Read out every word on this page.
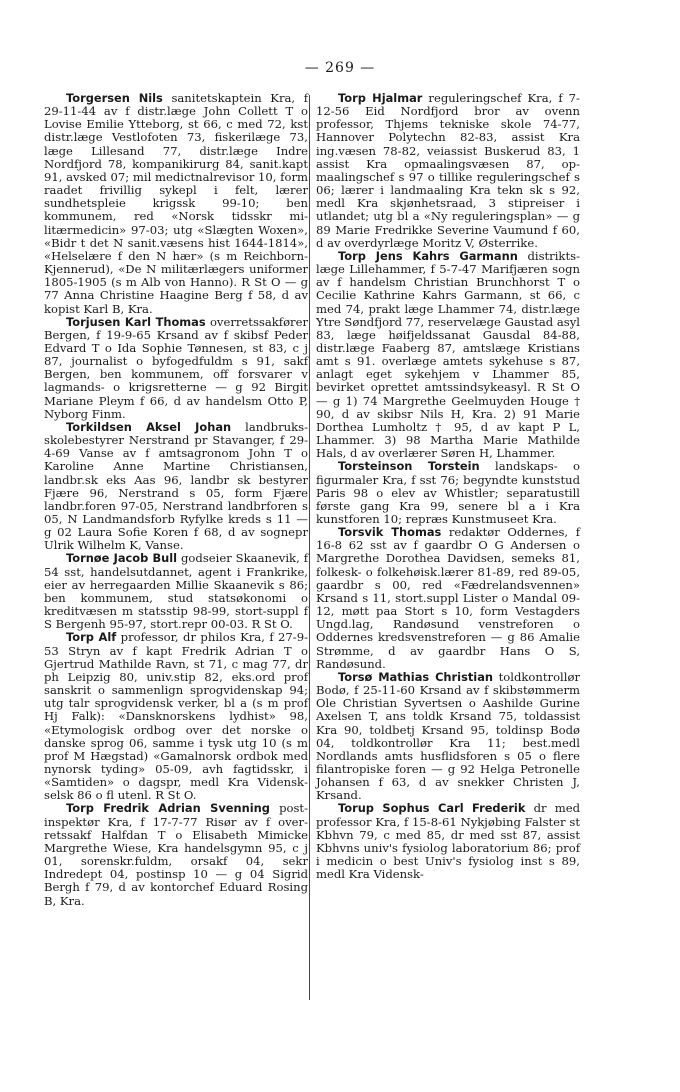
— 269 —

Torgersen Nils sanitetskaptein Kra, f 29-11-44 av f distr.læge John Collett T o Lovise Emilie Ytteborg, st 66, c med 72, kst distr.læge Vestlofoten 73, fiskerilæge 73, læge Lillesand 77, distr.læge Indre Nordfjord 78, kompanikirurg 84, sanit.kapt 91, avsked 07; mil medictnalrevisor 10, form raadet frivillig sykepl i felt, lærer sundhetspleie krigssk 99-10; ben kommunem, red «Norsk tidsskr militærmedicin» 97-03; utg «Slægten Woxen», «Bidr t det N sanit.væsens hist 1644-1814», «Helselære f den N hær» (s m Reichborn-Kjennerud), «De N militærlægers uniformer 1805-1905 (s m Alb von Hanno). R St O — g 77 Anna Christine Haagine Berg f 58, d av kopist Karl B, Kra.

Torjusen Karl Thomas overretssakfører Bergen, f 19-9-65 Krsand av f skibsf Peder Edvard T o Ida Sophie Tønnesen, st 83, c j 87, journalist o byfogedfuldm s 91, sakf Bergen, ben kommunem, off forsvarer v lagmands- o krigsretterne — g 92 Birgit Mariane Pleym f 66, d av handelsm Otto P, Nyborg Finm.

Torkildsen Aksel Johan landbruksskolebestyrer Nerstrand pr Stavanger, f 29-4-69 Vanse av f amtsagronom John T o Karoline Anne Martine Christiansen, landbr.sk eks Aas 96, landbr sk bestyrer Fjære 96, Nerstrand s 05, form Fjære landbr.foren 97-05, Nerstrand landbrforen s 05, N Landmandsforb Ryfylke kreds s 11 — g 02 Laura Sofie Koren f 68, d av sognepr Ulrik Wilhelm K, Vanse.

Tornøe Jacob Bull godseier Skaanevik, f 54 sst, handelsutdannet, agent i Frankrike, eier av herregaarden Millie Skaanevik s 86; ben kommunem, stud statsøkonomi o kreditvæsen m statsstip 98-99, stort-suppl f S Bergenh 95-97, stort.repr 00-03. R St O.

Torp Alf professor, dr philos Kra, f 27-9-53 Stryn av f kapt Fredrik Adrian T o Gjertrud Mathilde Ravn, st 71, c mag 77, dr ph Leipzig 80, univ.stip 82, eks.ord prof sanskrit o sammenlign sprogvidenskap 94; utg talr sprogvidensk verker, bl a (s m prof Hj Falk): «Dansknorskens lydhist» 98, «Etymologisk ordbog over det norske o danske sprog 06, samme i tysk utg 10 (s m prof M Hægstad) «Gamalnorsk ordbok med nynorsk tyding» 05-09, avh fagtidsskr, i «Samtiden» o dagspr, medl Kra Videnskselsk 86 o fl utenl. R St O.

Torp Fredrik Adrian Svenning postinspektør Kra, f 17-7-77 Risør av f overretssakf Halfdan T o Elisabeth Mimicke Margrethe Wiese, Kra handelsgymn 95, c j 01, sorenskr.fuldm, orsakf 04, sekr Indredept 04, postinsp 10 — g 04 Sigrid Bergh f 79, d av kontorchef Eduard Rosing B, Kra.

Torp Hjalmar reguleringschef Kra, f 7-12-56 Eid Nordfjord bror av ovenn professor, Thjems tekniske skole 74-77, Hannover Polytechn 82-83, assist Kra ing.væsen 78-82, veiassist Buskerud 83, 1 assist Kra opmaalingsvæsen 87, opmaalingschef s 97 o tillike reguleringschef s 06; lærer i landmaaling Kra tekn sk s 92, medl Kra skjønhetsraad, 3 stipreiser i utlandet; utg bl a «Ny reguleringsplan» — g 89 Marie Fredrikke Severine Vaumund f 60, d av overdyrlæge Moritz V, Østerrike.

Torp Jens Kahrs Garmann distriktslæge Lillehammer, f 5-7-47 Marifjæren sogn av f handelsm Christian Brunchhorst T o Cecilie Kathrine Kahrs Garmann, st 66, c med 74, prakt læge Lhammer 74, distr.læge Ytre Søndfjord 77, reservelæge Gaustad asyl 83, læge høifjeldssanat Gausdal 84-88, distr.læge Faaberg 87, amtslæge Kristians amt s 91. overlæge amtets sykehuse s 87, anlagt eget sykehjem v Lhammer 85, bevirket oprettet amtssindsykeasyl. R St O — g 1) 74 Margrethe Geelmuyden Houge † 90, d av skibsr Nils H, Kra. 2) 91 Marie Dorthea Lumholtz † 95, d av kapt P L, Lhammer. 3) 98 Martha Marie Mathilde Hals, d av overlærer Søren H, Lhammer.

Torsteinson Torstein landskaps- o figurmaler Kra, f sst 76; begyndte kunststud Paris 98 o elev av Whistler; separatustill første gang Kra 99, senere bl a i Kra kunstforen 10; repræs Kunstmuseet Kra.

Torsvik Thomas redaktør Oddernes, f 16-8 62 sst av f gaardbr O G Andersen o Margrethe Dorothea Davidsen, semeks 81, folkesk- o folkehøisk.lærer 81-89, red 89-05, gaardbr s 00, red «Fædrelandsvennen» Krsand s 11, stort.suppl Lister o Mandal 09-12, møtt paa Stort s 10, form Vestagders Ungd.lag, Randøsund venstreforen o Oddernes kredsvenstreforen — g 86 Amalie Strømme, d av gaardbr Hans O S, Randøsund.

Torsø Mathias Christian toldkontrollør Bodø, f 25-11-60 Krsand av f skibstømmerm Ole Christian Syvertsen o Aashilde Gurine Axelsen T, ans toldk Krsand 75, toldassist Kra 90, toldbetj Krsand 95, toldinsp Bodø 04, toldkontrollør Kra 11; best.medl Nordlands amts husflidsforen s 05 o flere filantropiske foren — g 92 Helga Petronelle Johansen f 63, d av snekker Christen J, Krsand.

Torup Sophus Carl Frederik dr med professor Kra, f 15-8-61 Nykjøbing Falster st Kbhvn 79, c med 85, dr med sst 87, assist Kbhvns univ's fysiolog laboratorium 86; prof i medicin o best Univ's fysiolog inst s 89, medl Kra Vidensk-
